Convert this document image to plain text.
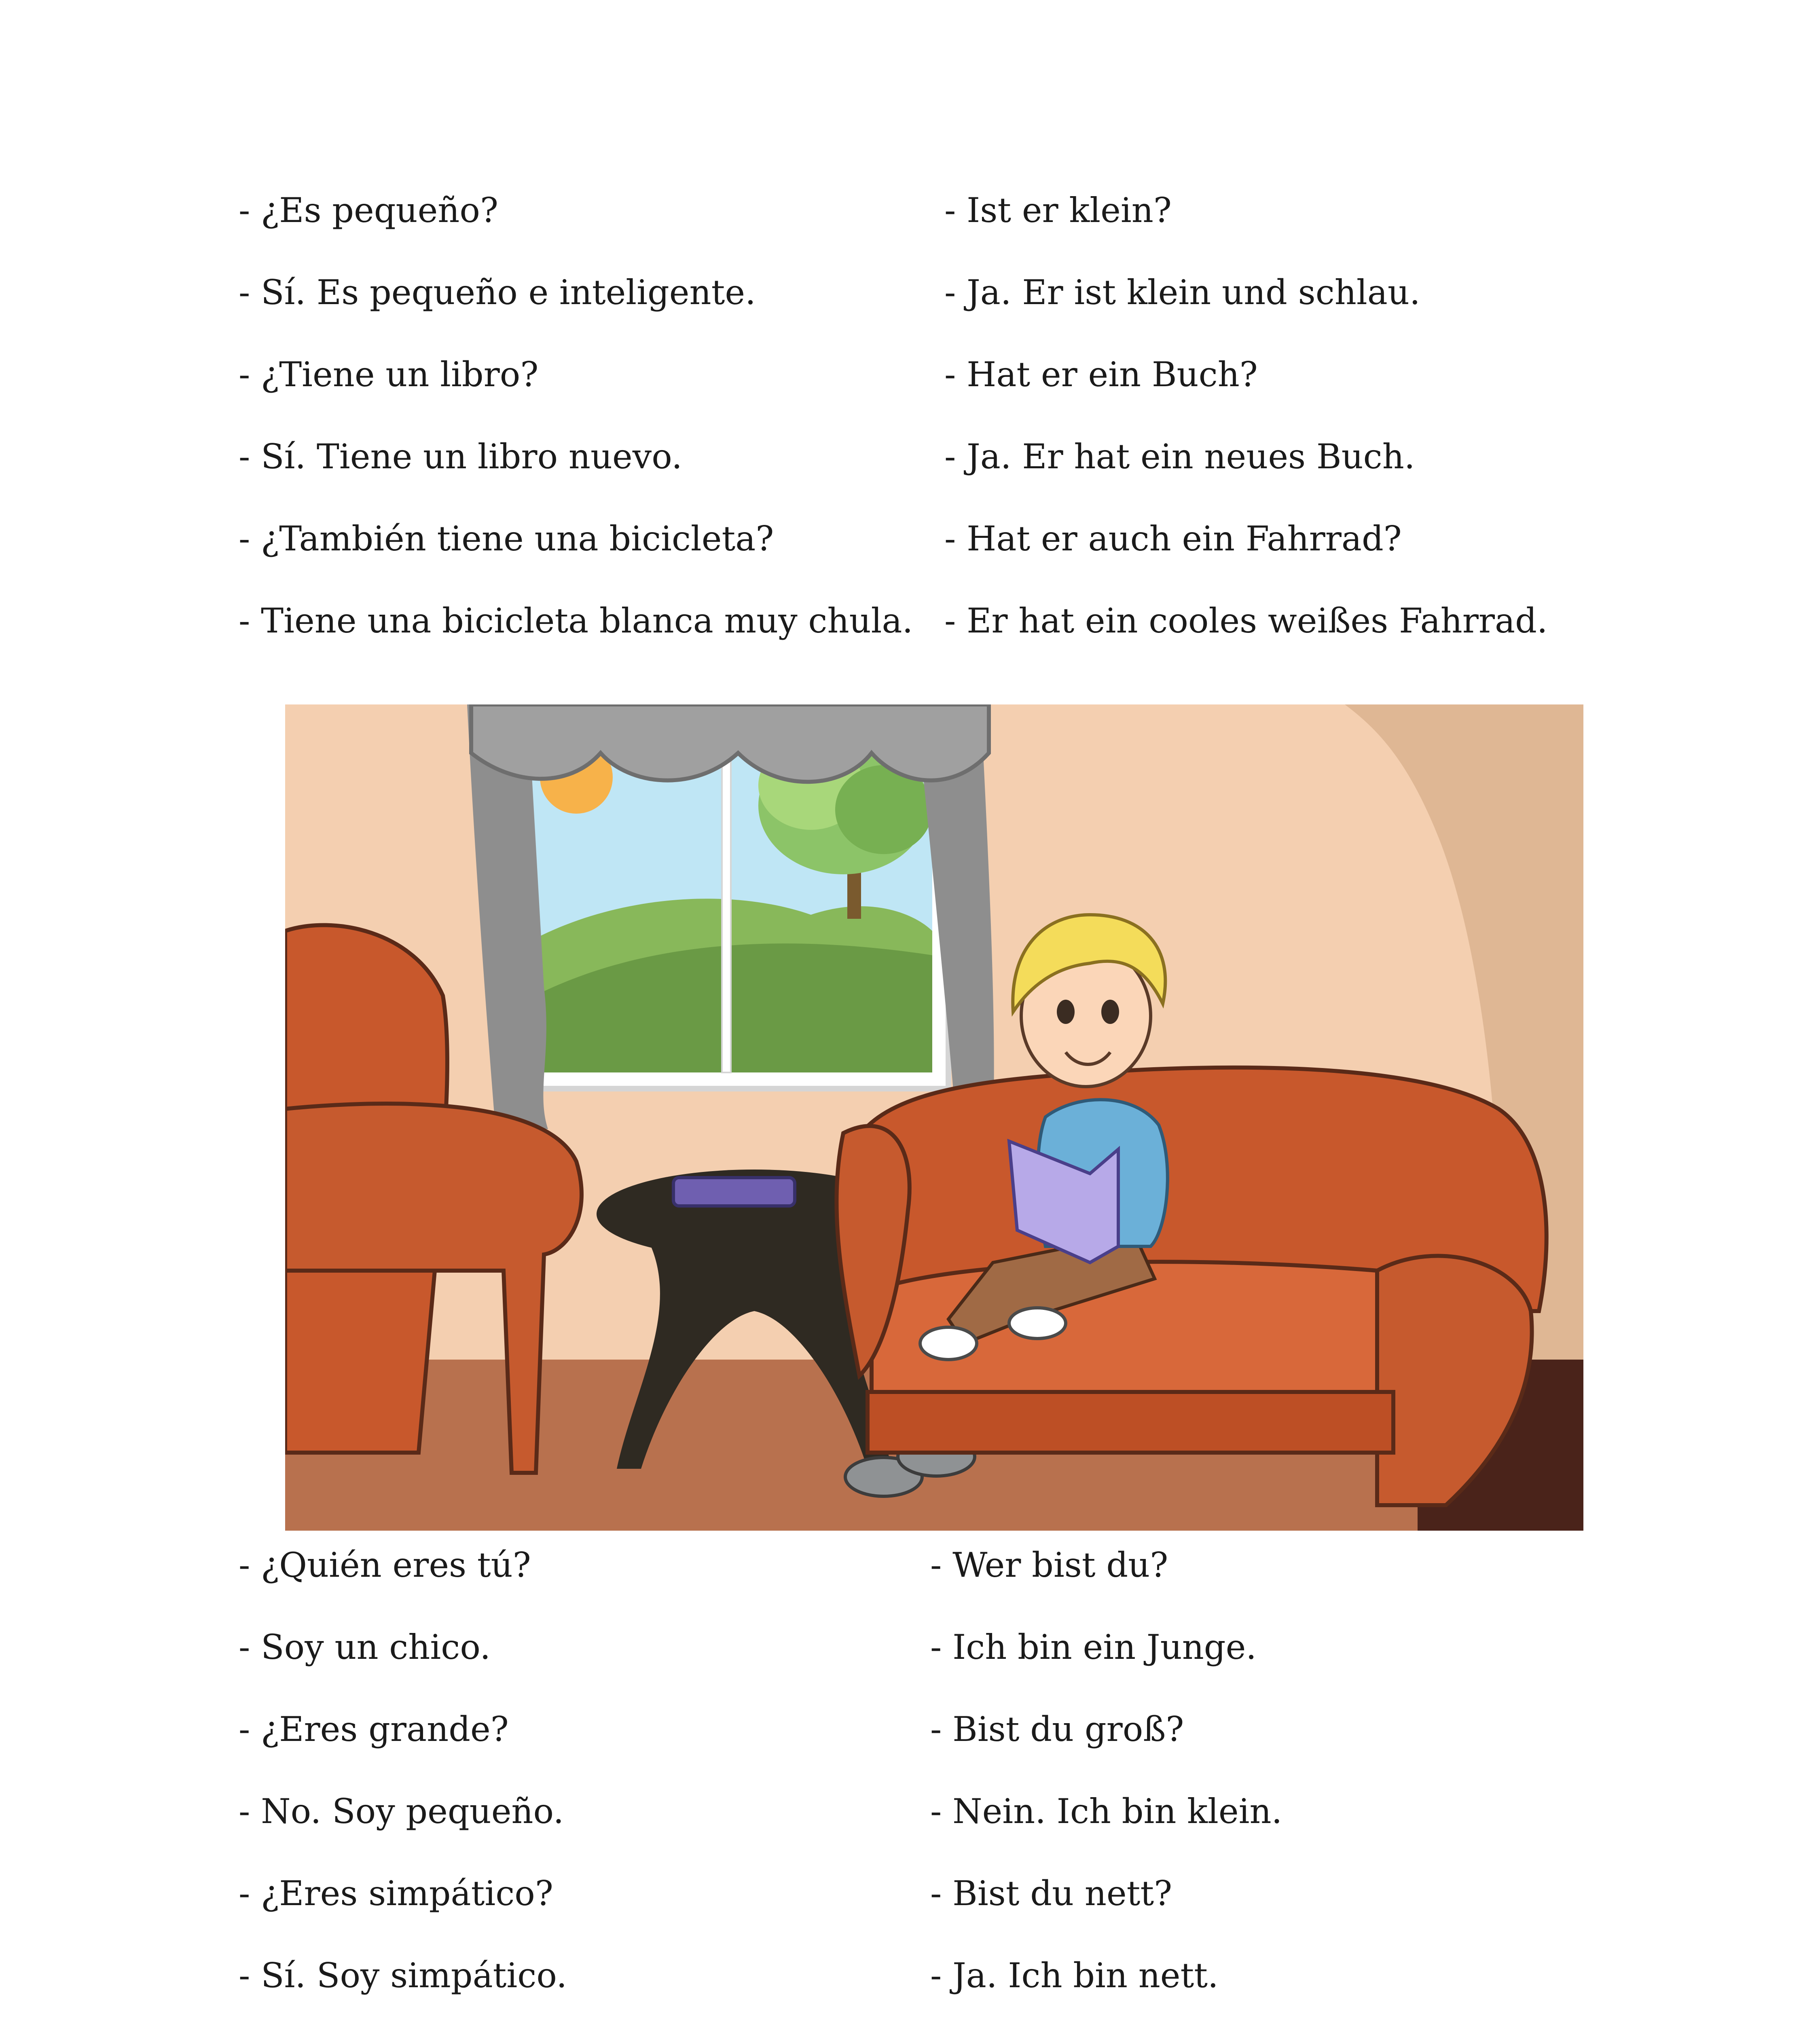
- ¿Es pequeño?	- Ist er klein?
- Sí. Es pequeño e inteligente.	- Ja. Er ist klein und schlau.
- ¿Tiene un libro?	- Hat er ein Buch?
- Sí. Tiene un libro nuevo.	- Ja. Er hat ein neues Buch.
- ¿También tiene una bicicleta?	- Hat er auch ein Fahrrad?
- Tiene una bicicleta blanca muy chula. - Er hat ein cooles weißes Fahrrad.
- ¿Quién eres tú?	- Wer bist du?
- Soy un chico.	- Ich bin ein Junge.
- ¿Eres grande?	- Bist du groß?
- No. Soy pequeño.	- Nein. Ich bin klein.
- ¿Eres simpático?	- Bist du nett?
- Sí. Soy simpático.	- Ja. Ich bin nett.
